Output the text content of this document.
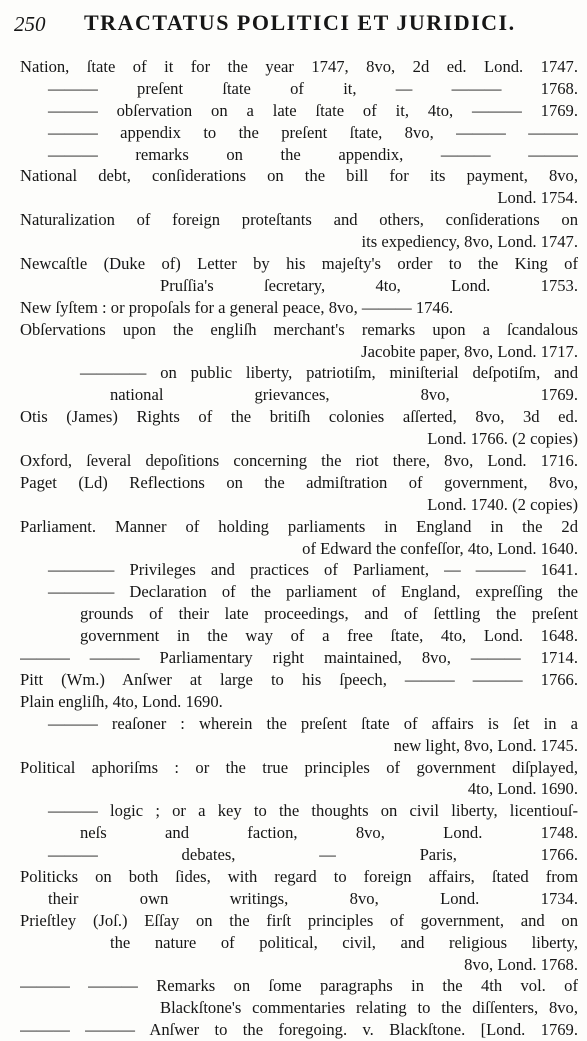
250 TRACTATUS POLITICI ET JURIDICI.
Nation, ſtate of it for the year 1747, 8vo, 2d ed. Lond. 1747.
——— preſent ſtate of it, — ——— 1768.
——— obſervation on a late ſtate of it, 4to, ——— 1769.
——— appendix to the preſent ſtate, 8vo, ——— ———
——— remarks on the appendix, ——— ———
National debt, conſiderations on the bill for its payment, 8vo,
Lond. 1754.
Naturalization of foreign proteſtants and others, conſiderations on
its expediency, 8vo, Lond. 1747.
Newcaſtle (Duke of) Letter by his majeſty's order to the King of
Pruſſia's ſecretary, 4to, Lond. 1753.
New ſyſtem : or propoſals for a general peace, 8vo, ——— 1746.
Obſervations upon the engliſh merchant's remarks upon a ſcandalous
Jacobite paper, 8vo, Lond. 1717.
———— on public liberty, patriotiſm, miniſterial deſpotiſm, and
national grievances, 8vo, 1769.
Otis (James) Rights of the britiſh colonies aſſerted, 8vo, 3d ed.
Lond. 1766. (2 copies)
Oxford, ſeveral depoſitions concerning the riot there, 8vo, Lond. 1716.
Paget (Ld) Reflections on the admiſtration of government, 8vo,
Lond. 1740. (2 copies)
Parliament. Manner of holding parliaments in England in the 2d
of Edward the confeſſor, 4to, Lond. 1640.
———— Privileges and practices of Parliament, — ——— 1641.
———— Declaration of the parliament of England, expreſſing the
grounds of their late proceedings, and of ſettling the preſent
government in the way of a free ſtate, 4to, Lond. 1648.
——— ——— Parliamentary right maintained, 8vo, ——— 1714.
Pitt (Wm.) Anſwer at large to his ſpeech, ——— ——— 1766.
Plain engliſh, 4to, Lond. 1690.
——— reaſoner : wherein the preſent ſtate of affairs is ſet in a
new light, 8vo, Lond. 1745.
Political aphoriſms : or the true principles of government diſplayed,
4to, Lond. 1690.
——— logic ; or a key to the thoughts on civil liberty, licentiouſ-
neſs and faction, 8vo, Lond. 1748.
——— debates, — Paris, 1766.
Politicks on both ſides, with regard to foreign affairs, ſtated from
their own writings, 8vo, Lond. 1734.
Prieſtley (Joſ.) Eſſay on the firſt principles of government, and on
the nature of political, civil, and religious liberty,
8vo, Lond. 1768.
——— ——— Remarks on ſome paragraphs in the 4th vol. of
Blackſtone's commentaries relating to the diſſenters, 8vo,
——— ——— Anſwer to the foregoing. v. Blackſtone. [Lond. 1769.
